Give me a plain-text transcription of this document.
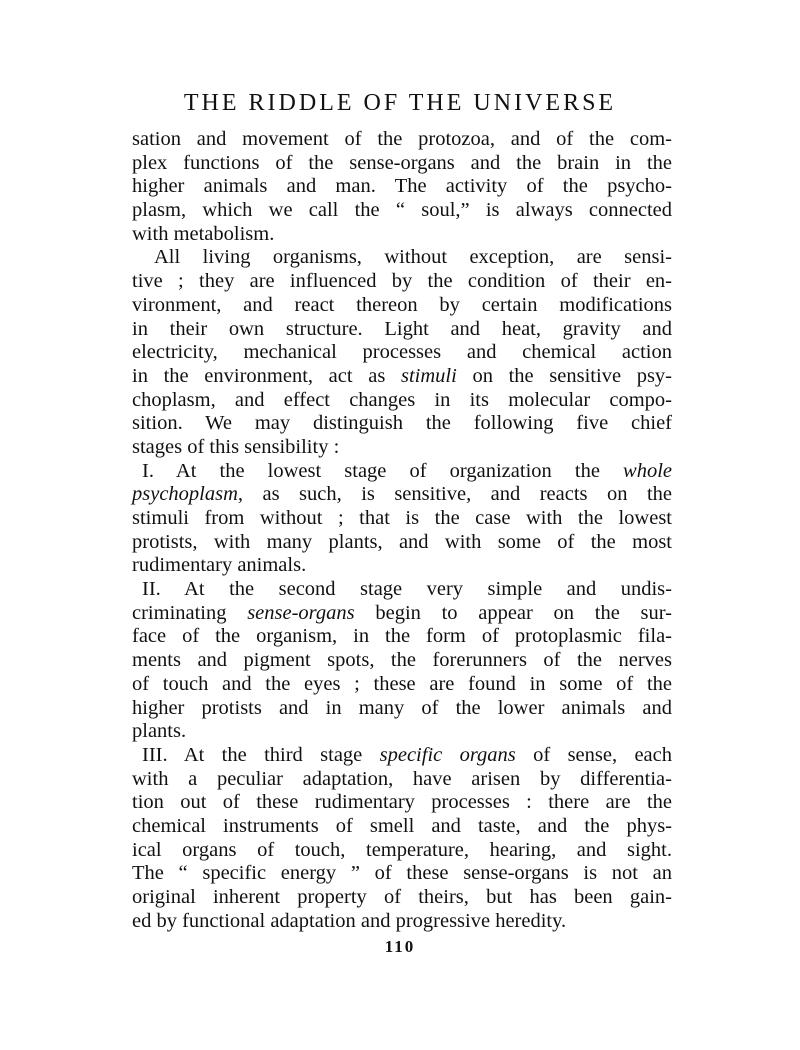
THE RIDDLE OF THE UNIVERSE
sation and movement of the protozoa, and of the com-
plex functions of the sense-organs and the brain in the
higher animals and man. The activity of the psycho-
plasm, which we call the “ soul,” is always connected
with metabolism.
All living organisms, without exception, are sensi-
tive ; they are influenced by the condition of their en-
vironment, and react thereon by certain modifications
in their own structure. Light and heat, gravity and
electricity, mechanical processes and chemical action
in the environment, act as stimuli on the sensitive psy-
choplasm, and effect changes in its molecular compo-
sition. We may distinguish the following five chief
stages of this sensibility :
I. At the lowest stage of organization the whole
psychoplasm, as such, is sensitive, and reacts on the
stimuli from without ; that is the case with the lowest
protists, with many plants, and with some of the most
rudimentary animals.
II. At the second stage very simple and undis-
criminating sense-organs begin to appear on the sur-
face of the organism, in the form of protoplasmic fila-
ments and pigment spots, the forerunners of the nerves
of touch and the eyes ; these are found in some of the
higher protists and in many of the lower animals and
plants.
III. At the third stage specific organs of sense, each
with a peculiar adaptation, have arisen by differentia-
tion out of these rudimentary processes : there are the
chemical instruments of smell and taste, and the phys-
ical organs of touch, temperature, hearing, and sight.
The “ specific energy ” of these sense-organs is not an
original inherent property of theirs, but has been gain-
ed by functional adaptation and progressive heredity.
110
